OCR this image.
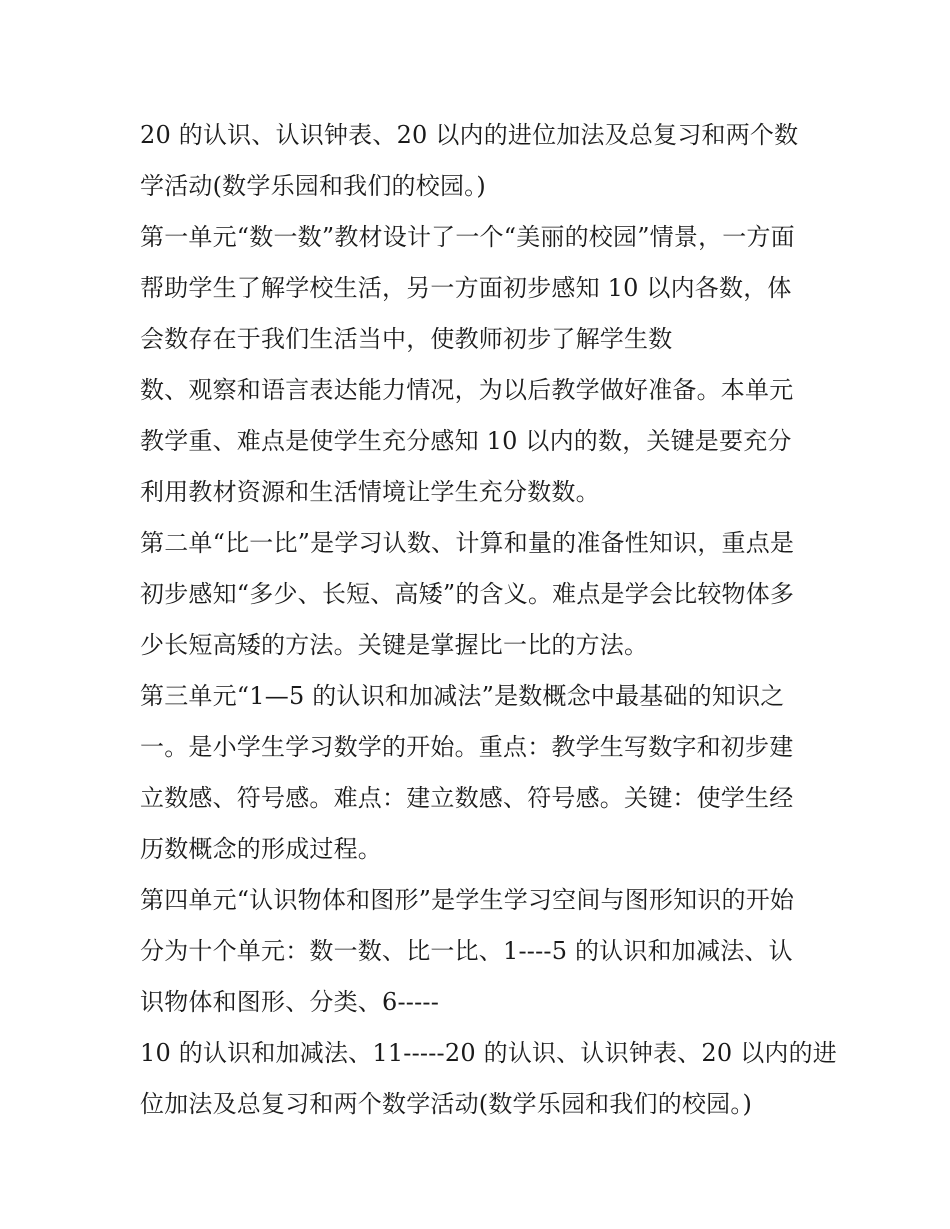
20 的认识、认识钟表、20 以内的进位加法及总复习和两个数
学活动(数学乐园和我们的校园。)
第一单元“数一数”教材设计了一个“美丽的校园”情景，一方面
帮助学生了解学校生活，另一方面初步感知 10 以内各数，体
会数存在于我们生活当中，使教师初步了解学生数
数、观察和语言表达能力情况，为以后教学做好准备。本单元
教学重、难点是使学生充分感知 10 以内的数，关键是要充分
利用教材资源和生活情境让学生充分数数。
第二单“比一比”是学习认数、计算和量的准备性知识，重点是
初步感知“多少、长短、高矮”的含义。难点是学会比较物体多
少长短高矮的方法。关键是掌握比一比的方法。
第三单元“1—5 的认识和加减法”是数概念中最基础的知识之
一。是小学生学习数学的开始。重点：教学生写数字和初步建
立数感、符号感。难点：建立数感、符号感。关键：使学生经
历数概念的形成过程。
第四单元“认识物体和图形”是学生学习空间与图形知识的开始
分为十个单元：数一数、比一比、1----5 的认识和加减法、认
识物体和图形、分类、6-----
10 的认识和加减法、11-----20 的认识、认识钟表、20 以内的进
位加法及总复习和两个数学活动(数学乐园和我们的校园。)
